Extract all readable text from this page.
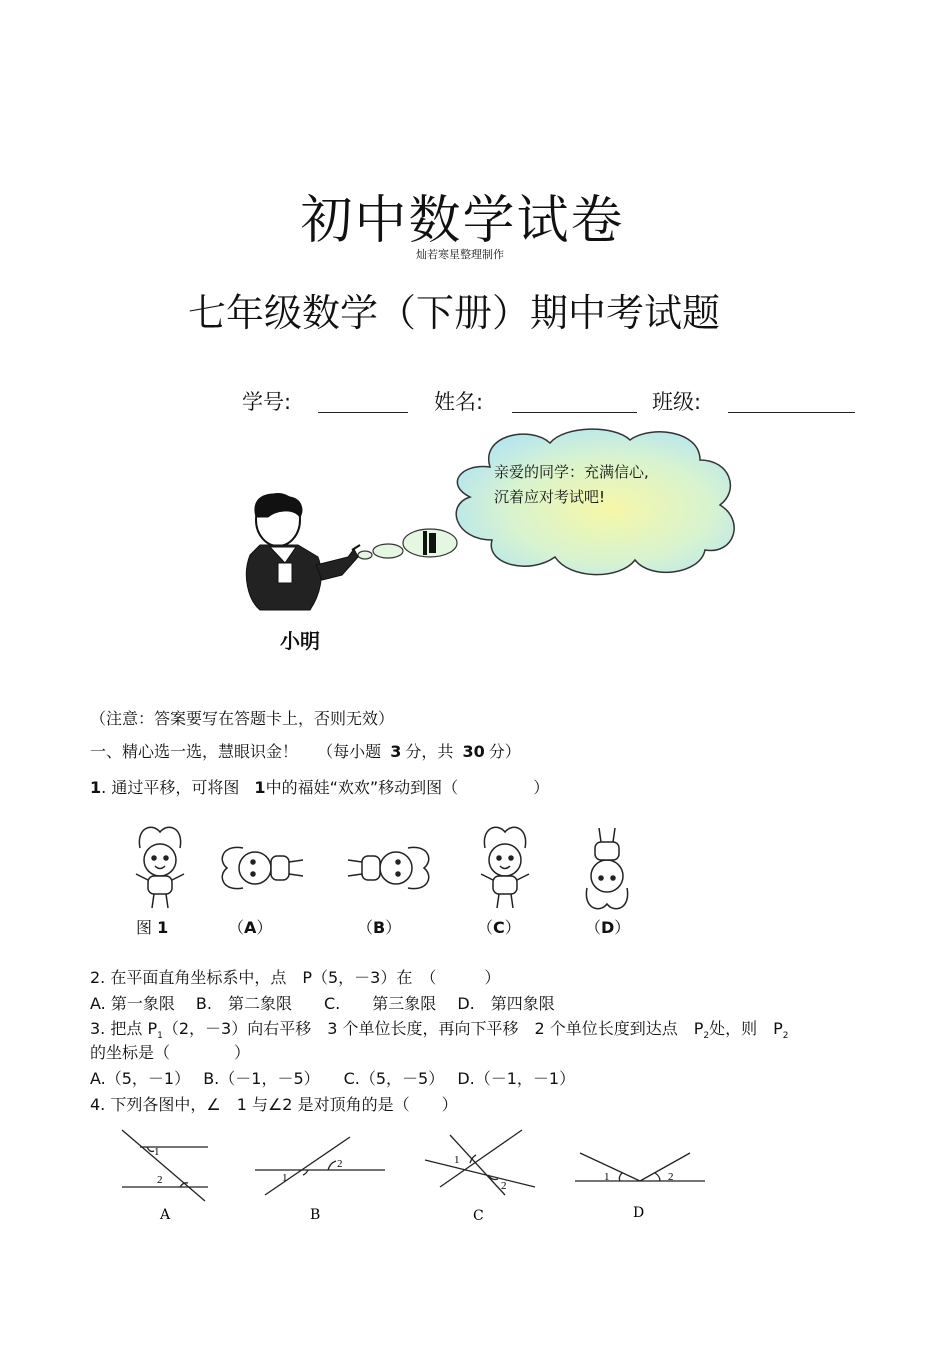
初中数学试卷
灿若寒星整理制作
七年级数学（下册）期中考试题
学号:	姓名:	班级:
小明
亲爱的同学：充满信心,
沉着应对考试吧!
（注意：答案要写在答题卡上，否则无效）
一、精心选一选，慧眼识金！ （每小题 3 分，共 30 分）
1. 通过平移，可将图 1中的福娃“欢欢”移动到图（	）
图 1	（A）	（B）	（C）	（D）
2. 在平面直角坐标系中，点　P（5，－3）在　（　　　）
A. 第一象限　 B.　第二象限　　C.　　第三象限　 D.　第四象限
3. 把点 $P_1(2$，－3）向右平移　3 个单位长度，再向下平移　2 个单位长度到达点　$P_2$处，则　$P_2$
的坐标是（　　　　）
A.（5，－1）　 B.（－1，－5）　　C.（5，－5）　 D.（－1，－1）
4. 下列各图中，∠　1 与∠2 是对顶角的是（　　）
1
2
A
1
2
B
1
2
C
1	2
D
